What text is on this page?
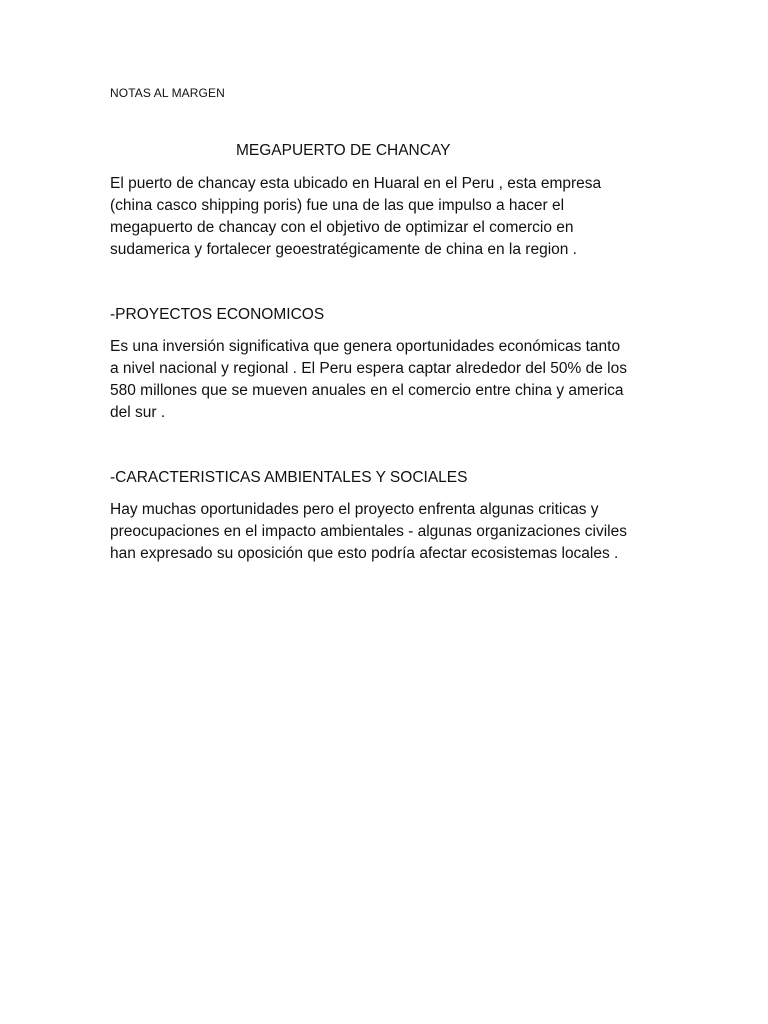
NOTAS AL MARGEN
MEGAPUERTO DE CHANCAY
El puerto de chancay esta ubicado en Huaral en el Peru , esta empresa
(china casco shipping poris) fue una de las que impulso a hacer el
megapuerto de chancay con el objetivo de optimizar el comercio en
sudamerica y fortalecer geoestratégicamente de china en la region .
-PROYECTOS ECONOMICOS
Es una inversión significativa que genera oportunidades económicas tanto
a nivel nacional y regional . El Peru espera captar alrededor del 50% de los
580 millones que se mueven anuales en el comercio entre china y america
del sur .
-CARACTERISTICAS AMBIENTALES Y SOCIALES
Hay muchas oportunidades pero el proyecto enfrenta algunas criticas y
preocupaciones en el impacto ambientales - algunas organizaciones civiles
han expresado su oposición que esto podría afectar ecosistemas locales .
